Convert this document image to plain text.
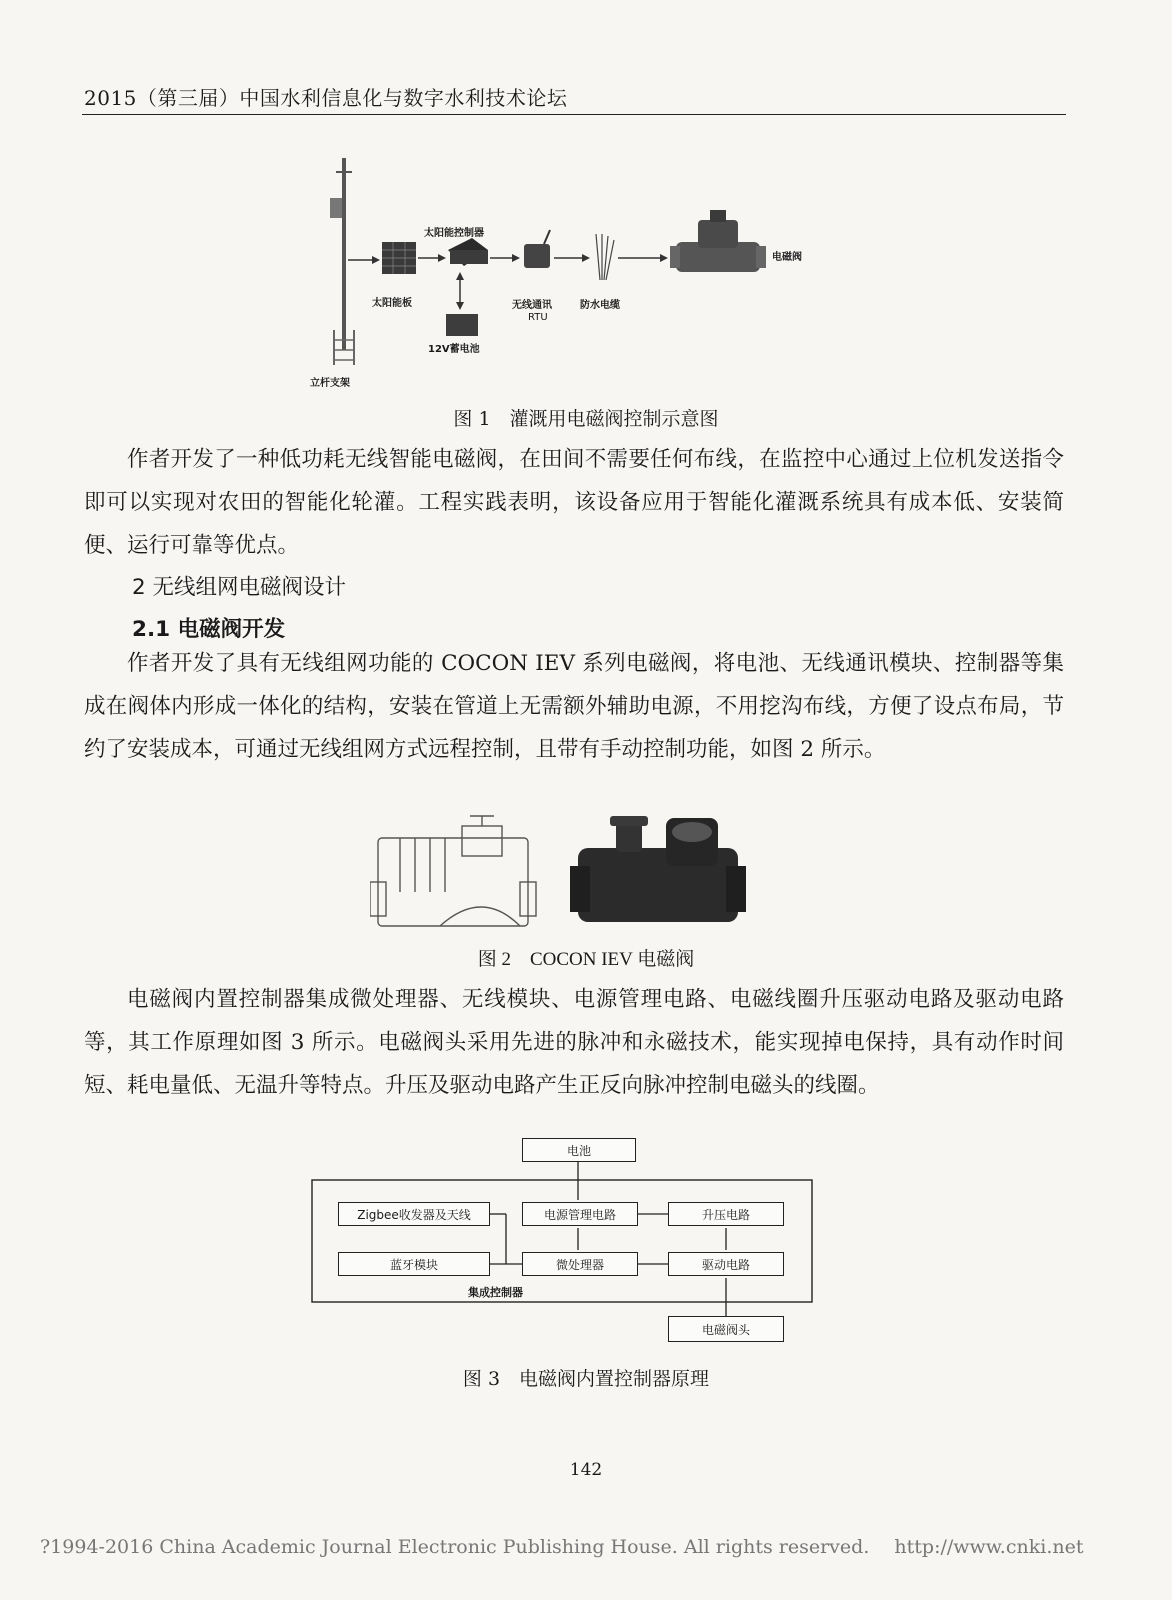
2015（第三届）中国水利信息化与数字水利技术论坛
太阳能控制器
太阳能板	无线通讯
RTU
防水电缆
12V蓄电池
电磁阀
立杆支架
图 1　灌溉用电磁阀控制示意图
作者开发了一种低功耗无线智能电磁阀，在田间不需要任何布线，在监控中心通过上位机发送指令即可以实现对农田的智能化轮灌。工程实践表明，该设备应用于智能化灌溉系统具有成本低、安装简便、运行可靠等优点。
2 无线组网电磁阀设计
2.1 电磁阀开发
作者开发了具有无线组网功能的 COCON IEV 系列电磁阀，将电池、无线通讯模块、控制器等集成在阀体内形成一体化的结构，安装在管道上无需额外辅助电源，不用挖沟布线，方便了设点布局，节约了安装成本，可通过无线组网方式远程控制，且带有手动控制功能，如图 2 所示。
图 2　COCON IEV 电磁阀
电磁阀内置控制器集成微处理器、无线模块、电源管理电路、电磁线圈升压驱动电路及驱动电路等，其工作原理如图 3 所示。电磁阀头采用先进的脉冲和永磁技术，能实现掉电保持，具有动作时间短、耗电量低、无温升等特点。升压及驱动电路产生正反向脉冲控制电磁头的线圈。
电池
Zigbee收发器及天线	电源管理电路	升压电路
蓝牙模块	微处理器	驱动电路
集成控制器
电磁阀头
图 3　电磁阀内置控制器原理
142
?1994-2016 China Academic Journal Electronic Publishing House. All rights reserved.　 http://www.cnki.net
